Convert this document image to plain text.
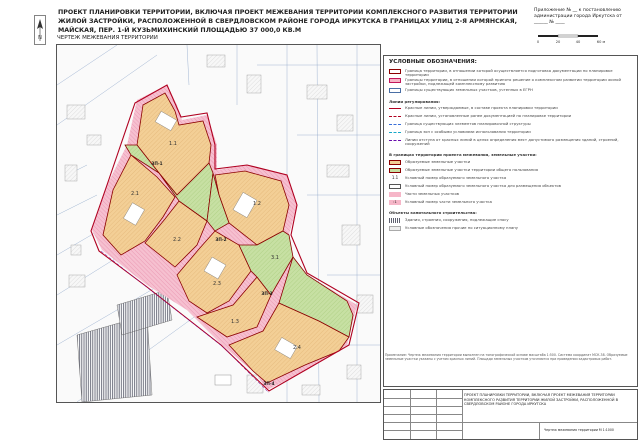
N
ПРОЕКТ ПЛАНИРОВКИ ТЕРРИТОРИИ, ВКЛЮЧАЯ ПРОЕКТ МЕЖЕВАНИЯ ТЕРРИТОРИИ КОМПЛЕКСНОГО РАЗВИТИЯ ТЕРРИТОРИИ ЖИЛОЙ ЗАСТРОЙКИ, РАСПОЛОЖЕННОЙ В СВЕРДЛОВСКОМ РАЙОНЕ ГОРОДА ИРКУТСКА В ГРАНИЦАХ УЛИЦ 2-Я АРМЯНСКАЯ, МАЙСКАЯ, ПЕР. 1-Й КУЗЬМИХИНСКИЙ ПЛОЩАДЬЮ 37 000,0 КВ.М
Приложение № __ к постановлению администрации города Иркутска от ______ № ____
ЧЕРТЕЖ МЕЖЕВАНИЯ ТЕРРИТОРИИ
0	20	40	60 м
1.1
2.1
2.2
1.2
2.3
1.3
2.4
3.1
ЗП-1
ЗП-2
ЗП-3
ЗП-4
УСЛОВНЫЕ ОБОЗНАЧЕНИЯ:
Граница территории, в отношении которой осуществляется подготовка документации по планировке территории
Границы территории, в отношении которой принято решение о комплексном развитии территории жилой застройки, подлежащей комплексному развитию
Границы существующих земельных участков, учтенных в ЕГРН
Линии регулирования:
Красные линии, утверждаемые, в составе проекта планировки территории
Красные линии, установленные ранее документацией по планировке территории
Граница существующих элементов планировочной структуры
Граница зон с особыми условиями использования территории
Линии отступа от красных линий в целях определения мест допустимого размещения зданий, строений, сооружений
В границах территории проекта межевания, земельные участки:
Образуемые земельные участки
Образуемые земельные участки территории общего пользования
1.1	Условный номер образуемого земельного участка
Условный номер образуемого земельного участка для размещения объектов
Части земельных участков
:1	Условный номер части земельного участка
Объекты капитального строительства:
Здания, строения, сооружения, подлежащие сносу
Условные обозначения прочие по ситуационному плану
Примечание: Чертеж межевания территории выполнен на топографической основе масштаба 1:500. Система координат МСК-38. Образуемые земельные участки указаны с учетом красных линий. Площади земельных участков уточняются при проведении кадастровых работ.
ПРОЕКТ ПЛАНИРОВКИ ТЕРРИТОРИИ, ВКЛЮЧАЯ ПРОЕКТ МЕЖЕВАНИЯ ТЕРРИТОРИИ КОМПЛЕКСНОГО РАЗВИТИЯ ТЕРРИТОРИИ ЖИЛОЙ ЗАСТРОЙКИ, РАСПОЛОЖЕННОЙ В СВЕРДЛОВСКОМ РАЙОНЕ ГОРОДА ИРКУТСКА
Чертеж межевания территории М 1:1000
